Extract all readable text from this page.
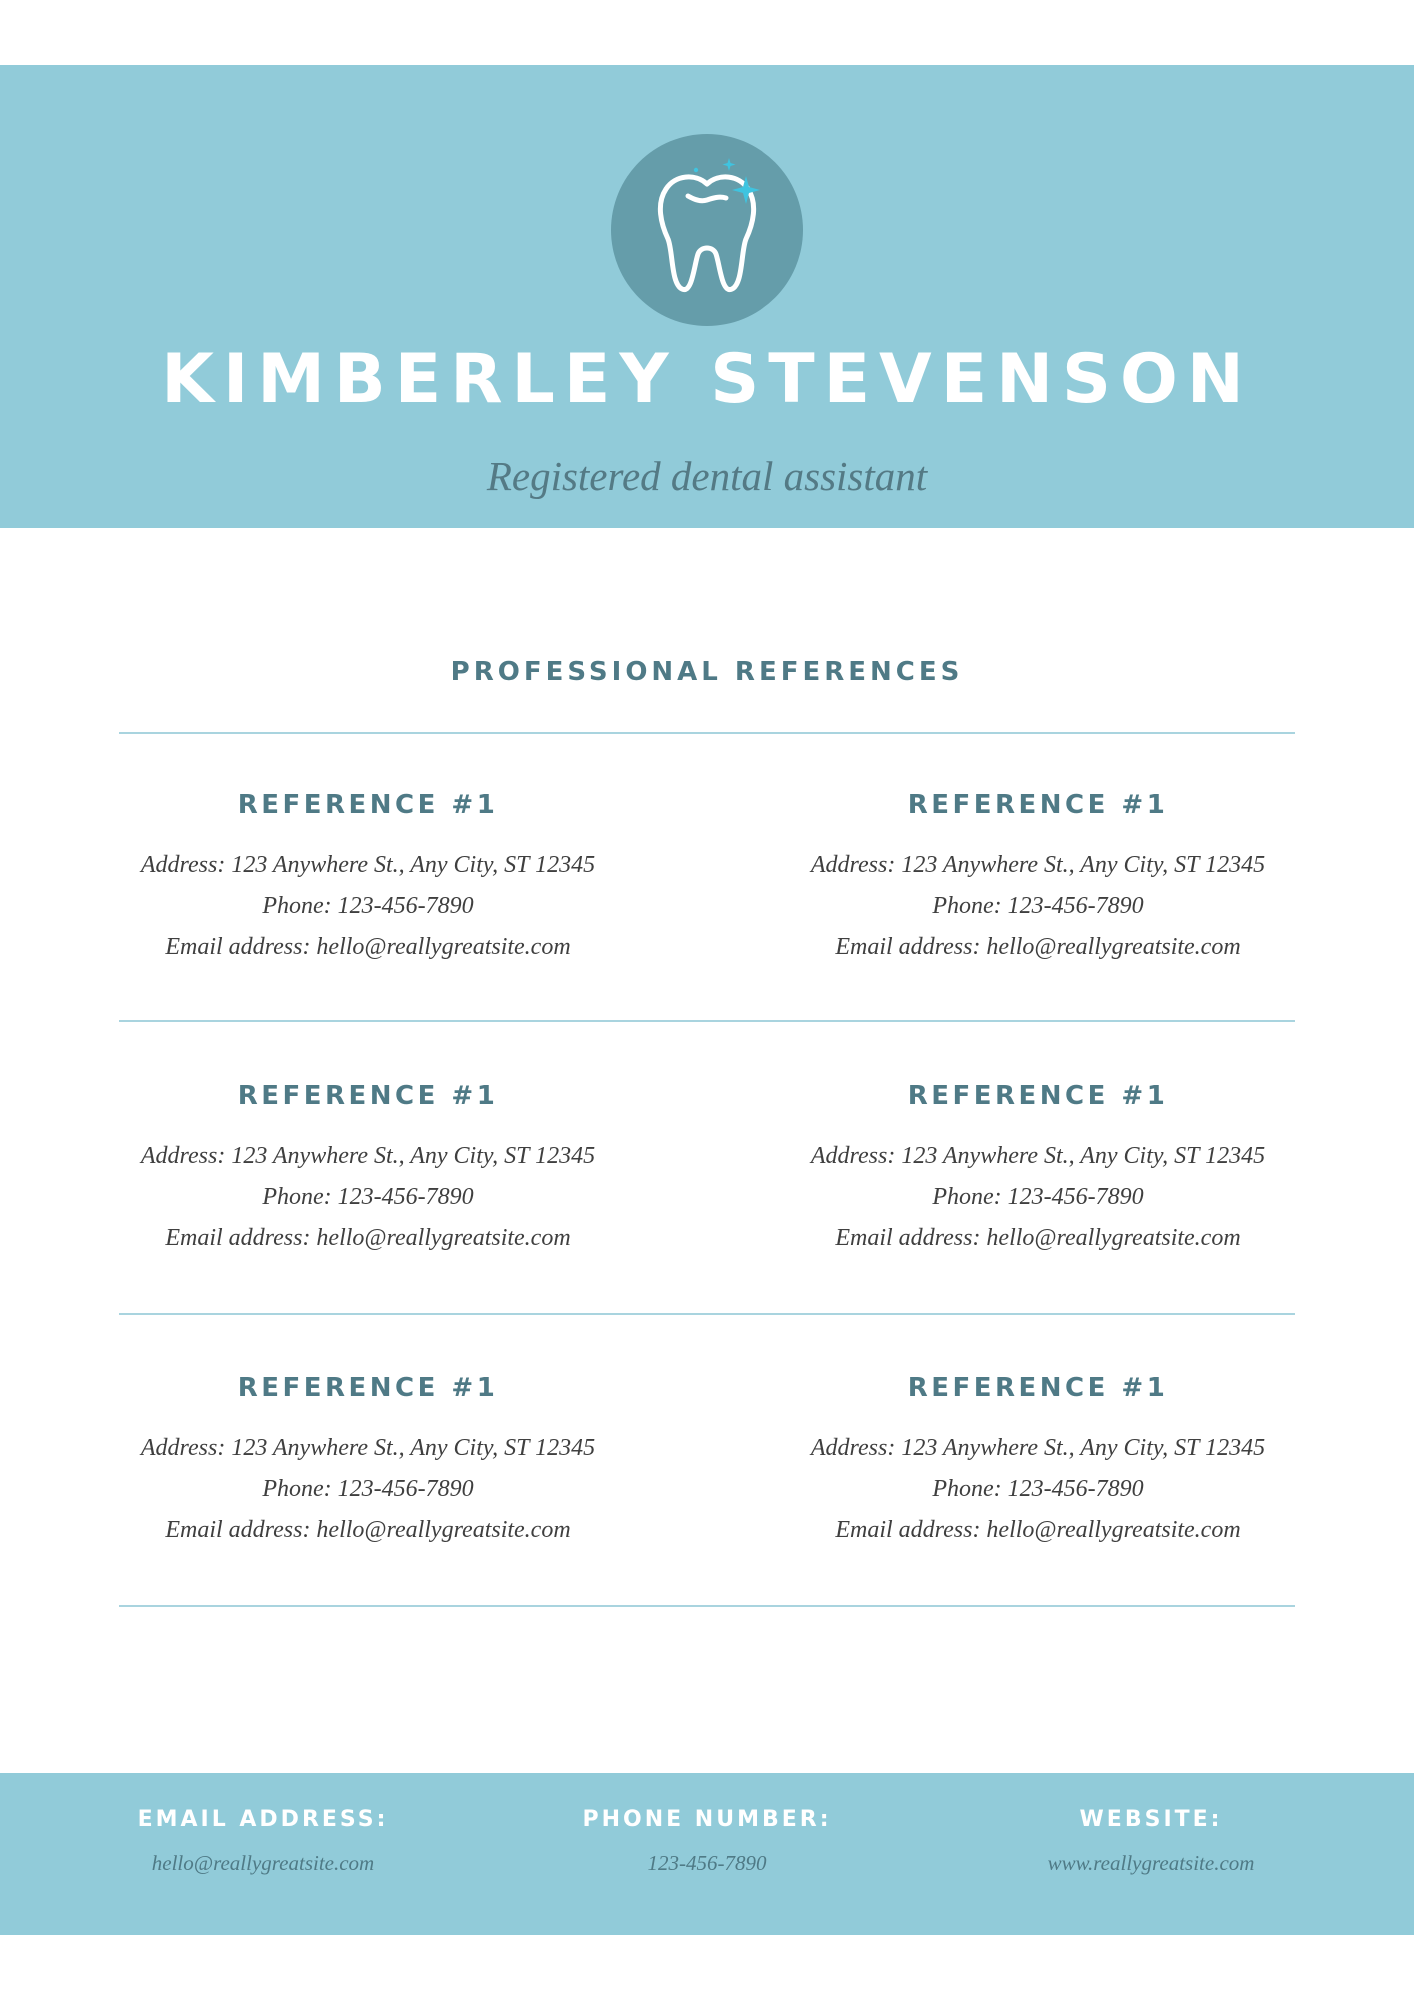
KIMBERLEY STEVENSON
Registered dental assistant
PROFESSIONAL REFERENCES
REFERENCE #1
Address: 123 Anywhere St., Any City, ST 12345
Phone: 123-456-7890
Email address: hello@reallygreatsite.com
REFERENCE #1
Address: 123 Anywhere St., Any City, ST 12345
Phone: 123-456-7890
Email address: hello@reallygreatsite.com
REFERENCE #1
Address: 123 Anywhere St., Any City, ST 12345
Phone: 123-456-7890
Email address: hello@reallygreatsite.com
REFERENCE #1
Address: 123 Anywhere St., Any City, ST 12345
Phone: 123-456-7890
Email address: hello@reallygreatsite.com
REFERENCE #1
Address: 123 Anywhere St., Any City, ST 12345
Phone: 123-456-7890
Email address: hello@reallygreatsite.com
REFERENCE #1
Address: 123 Anywhere St., Any City, ST 12345
Phone: 123-456-7890
Email address: hello@reallygreatsite.com
EMAIL ADDRESS:
hello@reallygreatsite.com
PHONE NUMBER:
123-456-7890
WEBSITE:
www.reallygreatsite.com
